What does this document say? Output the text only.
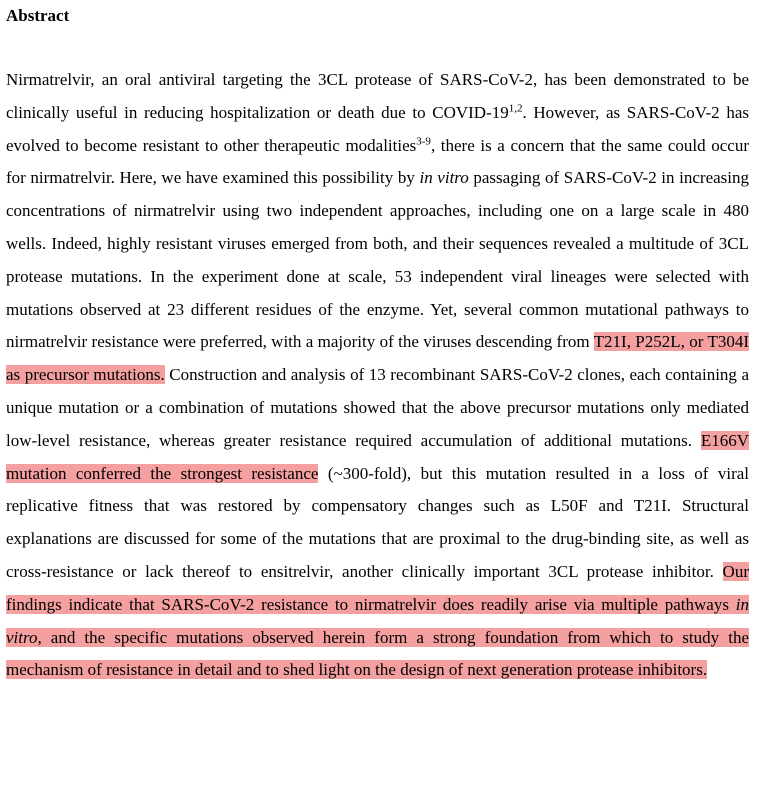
Abstract

Nirmatrelvir, an oral antiviral targeting the 3CL protease of SARS-CoV-2, has been demonstrated to be clinically useful in reducing hospitalization or death due to COVID-19$^{1,2}$. However, as SARS-CoV-2 has evolved to become resistant to other therapeutic modalities$^{3-9}$, there is a concern that the same could occur for nirmatrelvir. Here, we have examined this possibility by in vitro passaging of SARS-CoV-2 in increasing concentrations of nirmatrelvir using two independent approaches, including one on a large scale in 480 wells. Indeed, highly resistant viruses emerged from both, and their sequences revealed a multitude of 3CL protease mutations. In the experiment done at scale, 53 independent viral lineages were selected with mutations observed at 23 different residues of the enzyme. Yet, several common mutational pathways to nirmatrelvir resistance were preferred, with a majority of the viruses descending from T21I, P252L, or T304I as precursor mutations. Construction and analysis of 13 recombinant SARS-CoV-2 clones, each containing a unique mutation or a combination of mutations showed that the above precursor mutations only mediated low-level resistance, whereas greater resistance required accumulation of additional mutations. E166V mutation conferred the strongest resistance (~300-fold), but this mutation resulted in a loss of viral replicative fitness that was restored by compensatory changes such as L50F and T21I. Structural explanations are discussed for some of the mutations that are proximal to the drug-binding site, as well as cross-resistance or lack thereof to ensitrelvir, another clinically important 3CL protease inhibitor. Our findings indicate that SARS-CoV-2 resistance to nirmatrelvir does readily arise via multiple pathways in vitro, and the specific mutations observed herein form a strong foundation from which to study the mechanism of resistance in detail and to shed light on the design of next generation protease inhibitors.
